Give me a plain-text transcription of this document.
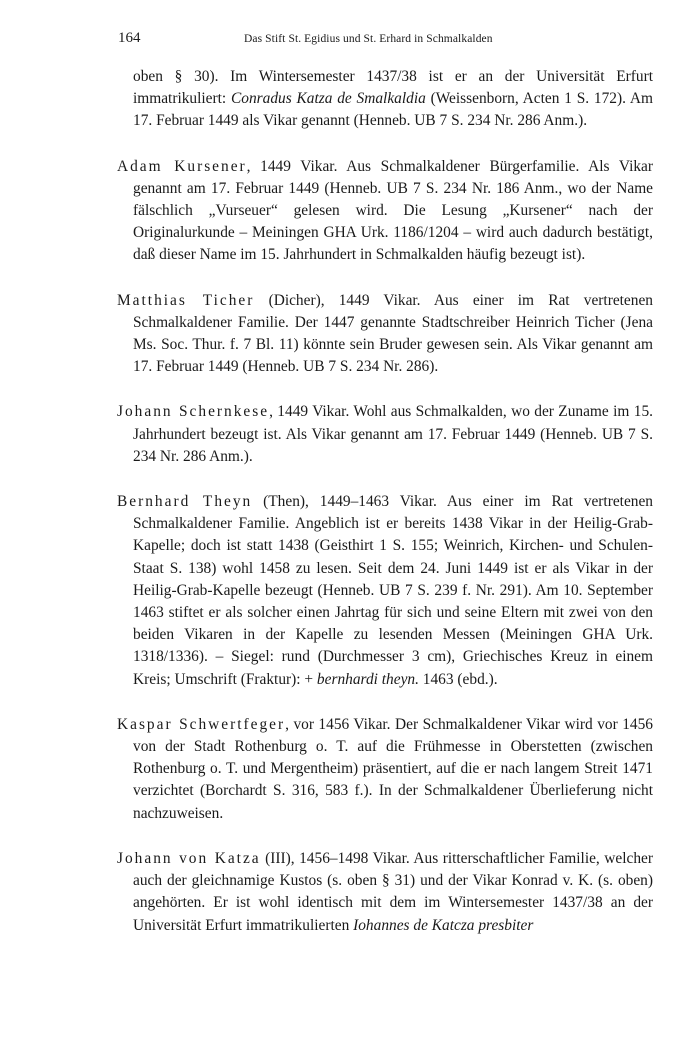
164	Das Stift St. Egidius und St. Erhard in Schmalkalden

oben § 30). Im Wintersemester 1437/38 ist er an der Universität Erfurt immatrikuliert: Conradus Katza de Smalkaldia (Weissenborn, Acten 1 S. 172). Am 17. Februar 1449 als Vikar genannt (Henneb. UB 7 S. 234 Nr. 286 Anm.).

Adam Kursener, 1449 Vikar. Aus Schmalkaldener Bürgerfamilie. Als Vikar genannt am 17. Februar 1449 (Henneb. UB 7 S. 234 Nr. 186 Anm., wo der Name fälschlich „Vurseuer“ gelesen wird. Die Lesung „Kursener“ nach der Originalurkunde – Meiningen GHA Urk. 1186/1204 – wird auch dadurch bestätigt, daß dieser Name im 15. Jahrhundert in Schmalkalden häufig bezeugt ist).

Matthias Ticher (Dicher), 1449 Vikar. Aus einer im Rat vertretenen Schmalkaldener Familie. Der 1447 genannte Stadtschreiber Heinrich Ticher (Jena Ms. Soc. Thur. f. 7 Bl. 11) könnte sein Bruder gewesen sein. Als Vikar genannt am 17. Februar 1449 (Henneb. UB 7 S. 234 Nr. 286).

Johann Schernkese, 1449 Vikar. Wohl aus Schmalkalden, wo der Zuname im 15. Jahrhundert bezeugt ist. Als Vikar genannt am 17. Februar 1449 (Henneb. UB 7 S. 234 Nr. 286 Anm.).

Bernhard Theyn (Then), 1449–1463 Vikar. Aus einer im Rat vertretenen Schmalkaldener Familie. Angeblich ist er bereits 1438 Vikar in der Heilig-Grab-Kapelle; doch ist statt 1438 (Geisthirt 1 S. 155; Weinrich, Kirchen- und Schulen-Staat S. 138) wohl 1458 zu lesen. Seit dem 24. Juni 1449 ist er als Vikar in der Heilig-Grab-Kapelle bezeugt (Henneb. UB 7 S. 239 f. Nr. 291). Am 10. September 1463 stiftet er als solcher einen Jahrtag für sich und seine Eltern mit zwei von den beiden Vikaren in der Kapelle zu lesenden Messen (Meiningen GHA Urk. 1318/1336). – Siegel: rund (Durchmesser 3 cm), Griechisches Kreuz in einem Kreis; Umschrift (Fraktur): + bernhardi theyn. 1463 (ebd.).

Kaspar Schwertfeger, vor 1456 Vikar. Der Schmalkaldener Vikar wird vor 1456 von der Stadt Rothenburg o. T. auf die Frühmesse in Oberstetten (zwischen Rothenburg o. T. und Mergentheim) präsentiert, auf die er nach langem Streit 1471 verzichtet (Borchardt S. 316, 583 f.). In der Schmalkaldener Überlieferung nicht nachzuweisen.

Johann von Katza (III), 1456–1498 Vikar. Aus ritterschaftlicher Familie, welcher auch der gleichnamige Kustos (s. oben § 31) und der Vikar Konrad v. K. (s. oben) angehörten. Er ist wohl identisch mit dem im Wintersemester 1437/38 an der Universität Erfurt immatrikulierten Iohannes de Katcza presbiter
